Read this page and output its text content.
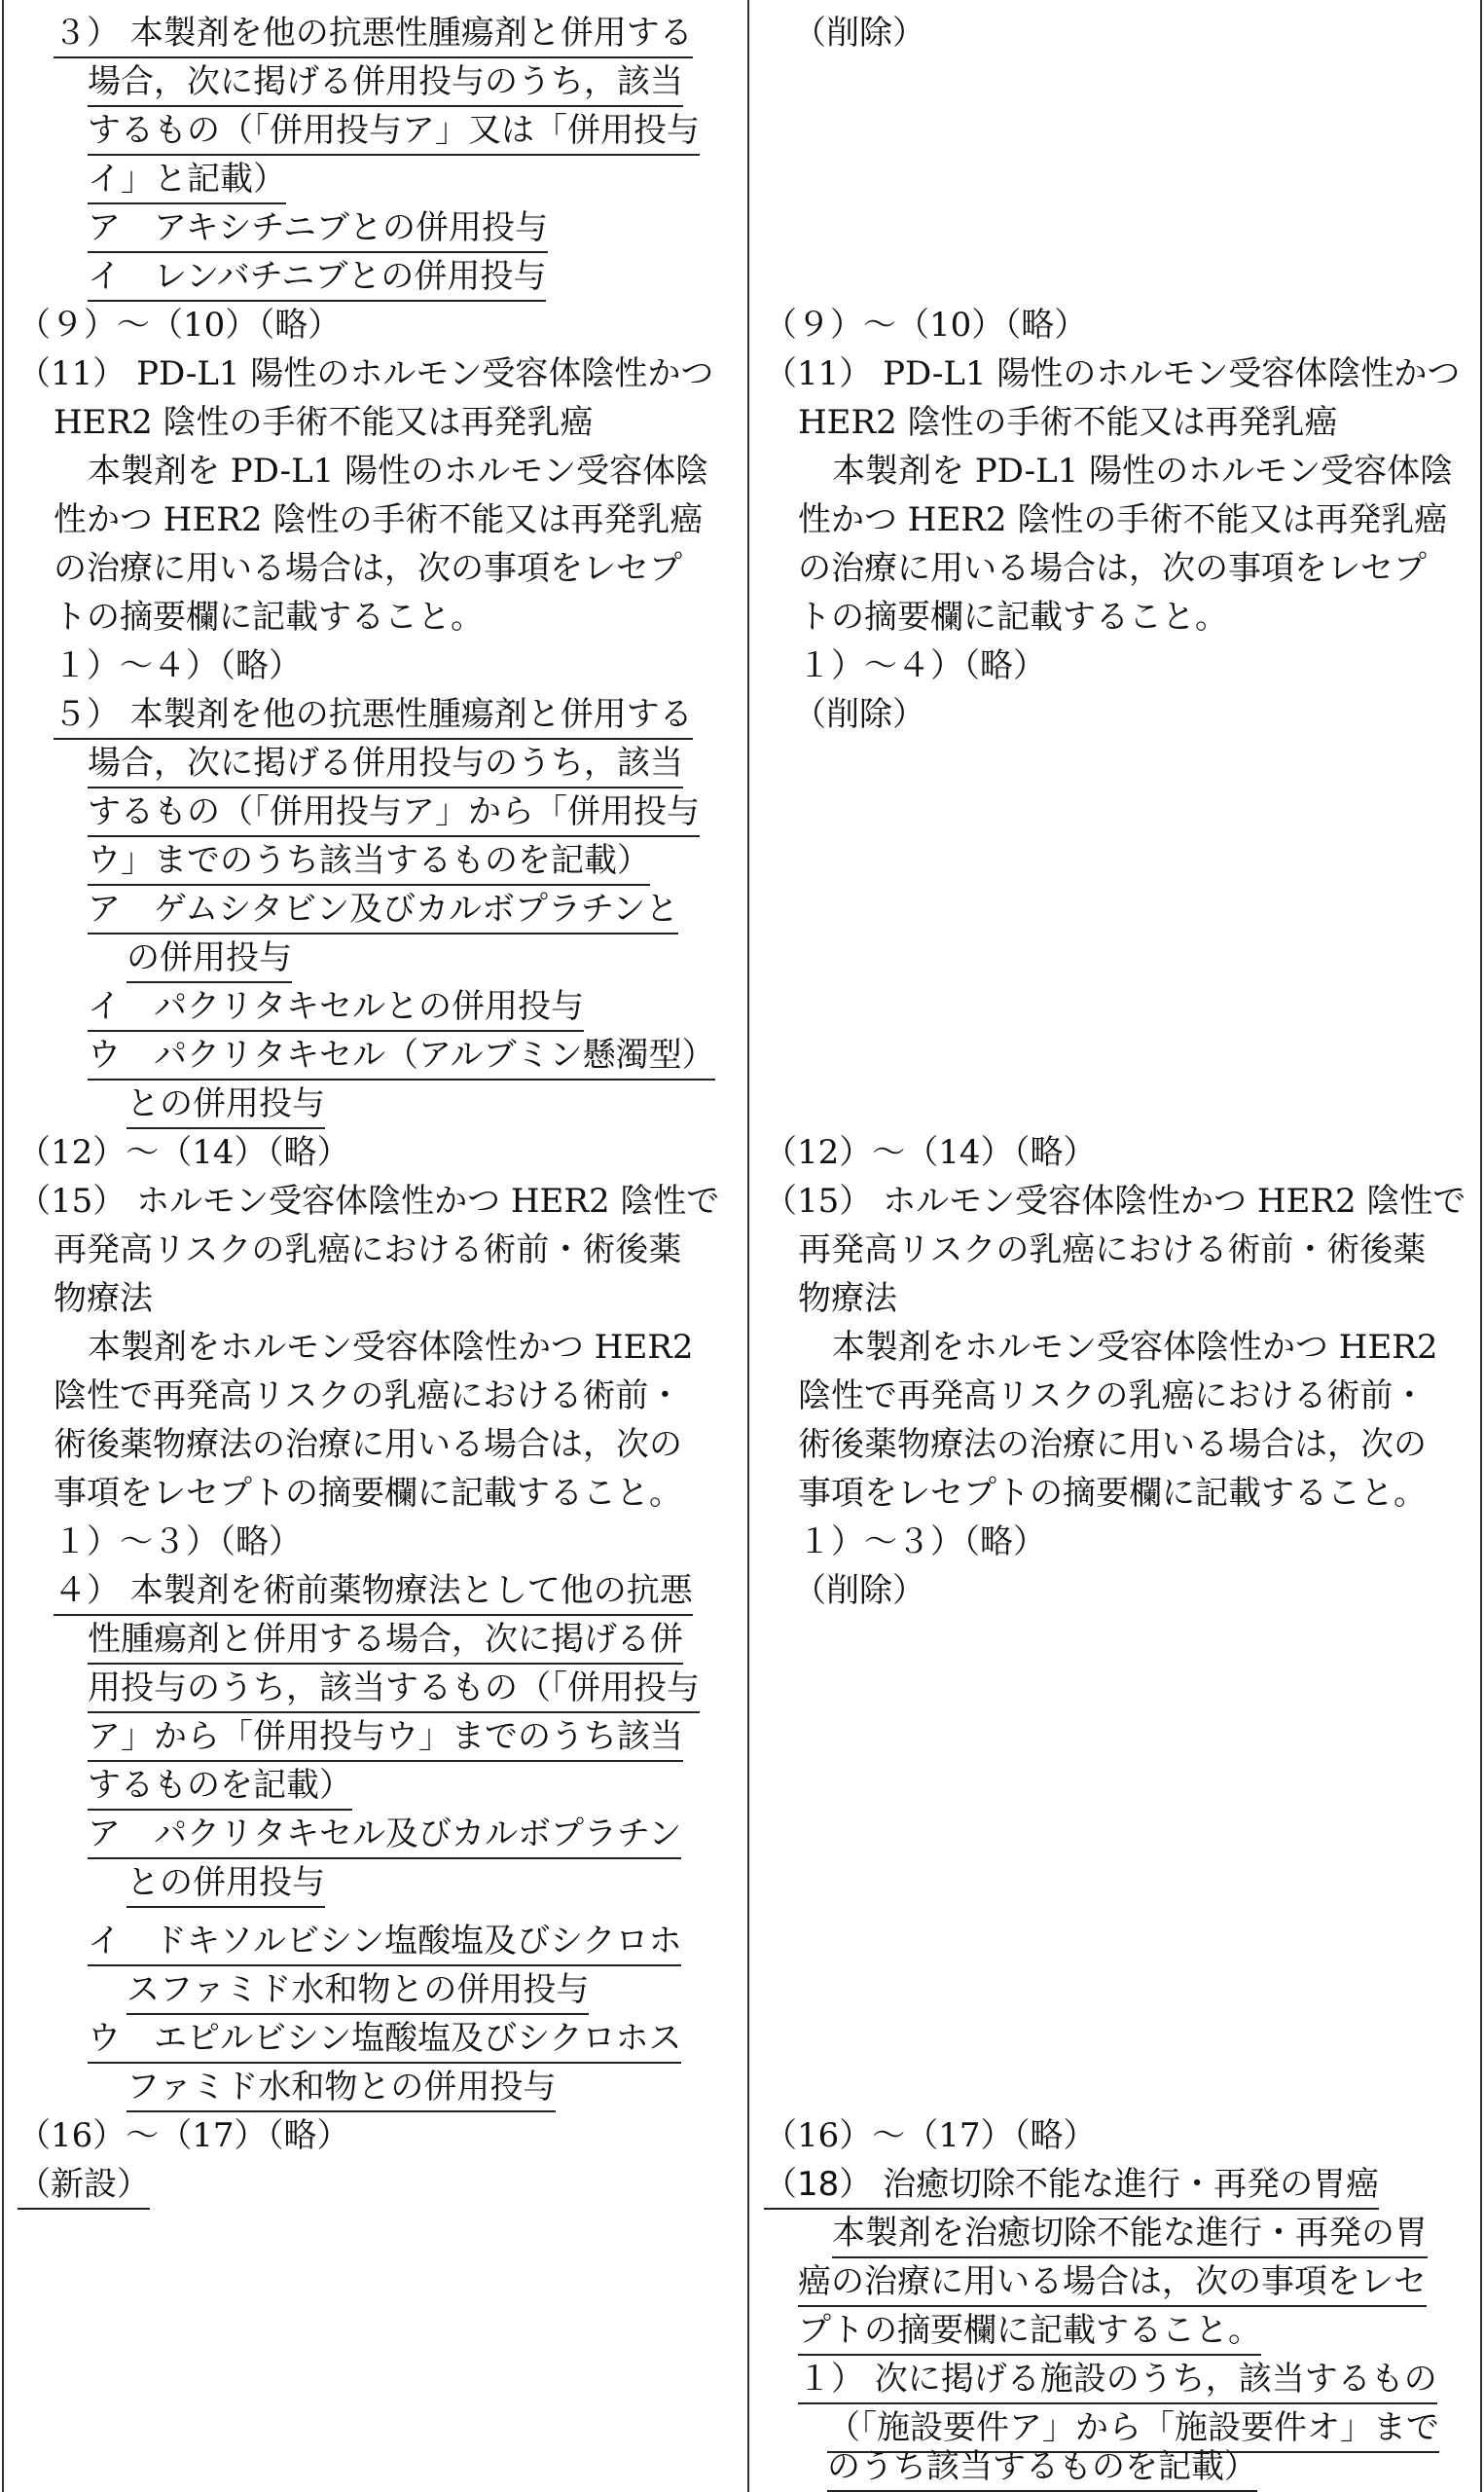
３） 本製剤を他の抗悪性腫瘍剤と併用する
場合，次に掲げる併用投与のうち，該当
するもの（「併用投与ア」又は「併用投与
イ」と記載）
ア　アキシチニブとの併用投与
イ　レンバチニブとの併用投与
（９）～（10）（略）
（11） PD-L1 陽性のホルモン受容体陰性かつ
HER2 陰性の手術不能又は再発乳癌
本製剤を PD-L1 陽性のホルモン受容体陰
性かつ HER2 陰性の手術不能又は再発乳癌
の治療に用いる場合は，次の事項をレセプ
トの摘要欄に記載すること。
１）～４）（略）
５） 本製剤を他の抗悪性腫瘍剤と併用する
場合，次に掲げる併用投与のうち，該当
するもの（「併用投与ア」から「併用投与
ウ」までのうち該当するものを記載）
ア　ゲムシタビン及びカルボプラチンと
の併用投与
イ　パクリタキセルとの併用投与
ウ　パクリタキセル（アルブミン懸濁型）
との併用投与
（12）～（14）（略）
（15） ホルモン受容体陰性かつ HER2 陰性で
再発高リスクの乳癌における術前・術後薬
物療法
本製剤をホルモン受容体陰性かつ HER2
陰性で再発高リスクの乳癌における術前・
術後薬物療法の治療に用いる場合は，次の
事項をレセプトの摘要欄に記載すること。
１）～３）（略）
４） 本製剤を術前薬物療法として他の抗悪
性腫瘍剤と併用する場合，次に掲げる併
用投与のうち，該当するもの（「併用投与
ア」から「併用投与ウ」までのうち該当
するものを記載）
ア　パクリタキセル及びカルボプラチン
との併用投与
イ　ドキソルビシン塩酸塩及びシクロホ
スファミド水和物との併用投与
ウ　エピルビシン塩酸塩及びシクロホス
ファミド水和物との併用投与
（16）～（17）（略）
（新設）
（削除）
（９）～（10）（略）
（11） PD-L1 陽性のホルモン受容体陰性かつ
HER2 陰性の手術不能又は再発乳癌
本製剤を PD-L1 陽性のホルモン受容体陰
性かつ HER2 陰性の手術不能又は再発乳癌
の治療に用いる場合は，次の事項をレセプ
トの摘要欄に記載すること。
１）～４）（略）
（削除）
（12）～（14）（略）
（15） ホルモン受容体陰性かつ HER2 陰性で
再発高リスクの乳癌における術前・術後薬
物療法
本製剤をホルモン受容体陰性かつ HER2
陰性で再発高リスクの乳癌における術前・
術後薬物療法の治療に用いる場合は，次の
事項をレセプトの摘要欄に記載すること。
１）～３）（略）
（削除）
（16）～（17）（略）
（18） 治癒切除不能な進行・再発の胃癌
本製剤を治癒切除不能な進行・再発の胃
癌の治療に用いる場合は，次の事項をレセ
プトの摘要欄に記載すること。
１） 次に掲げる施設のうち，該当するもの
（「施設要件ア」から「施設要件オ」まで
のうち該当するものを記載）
